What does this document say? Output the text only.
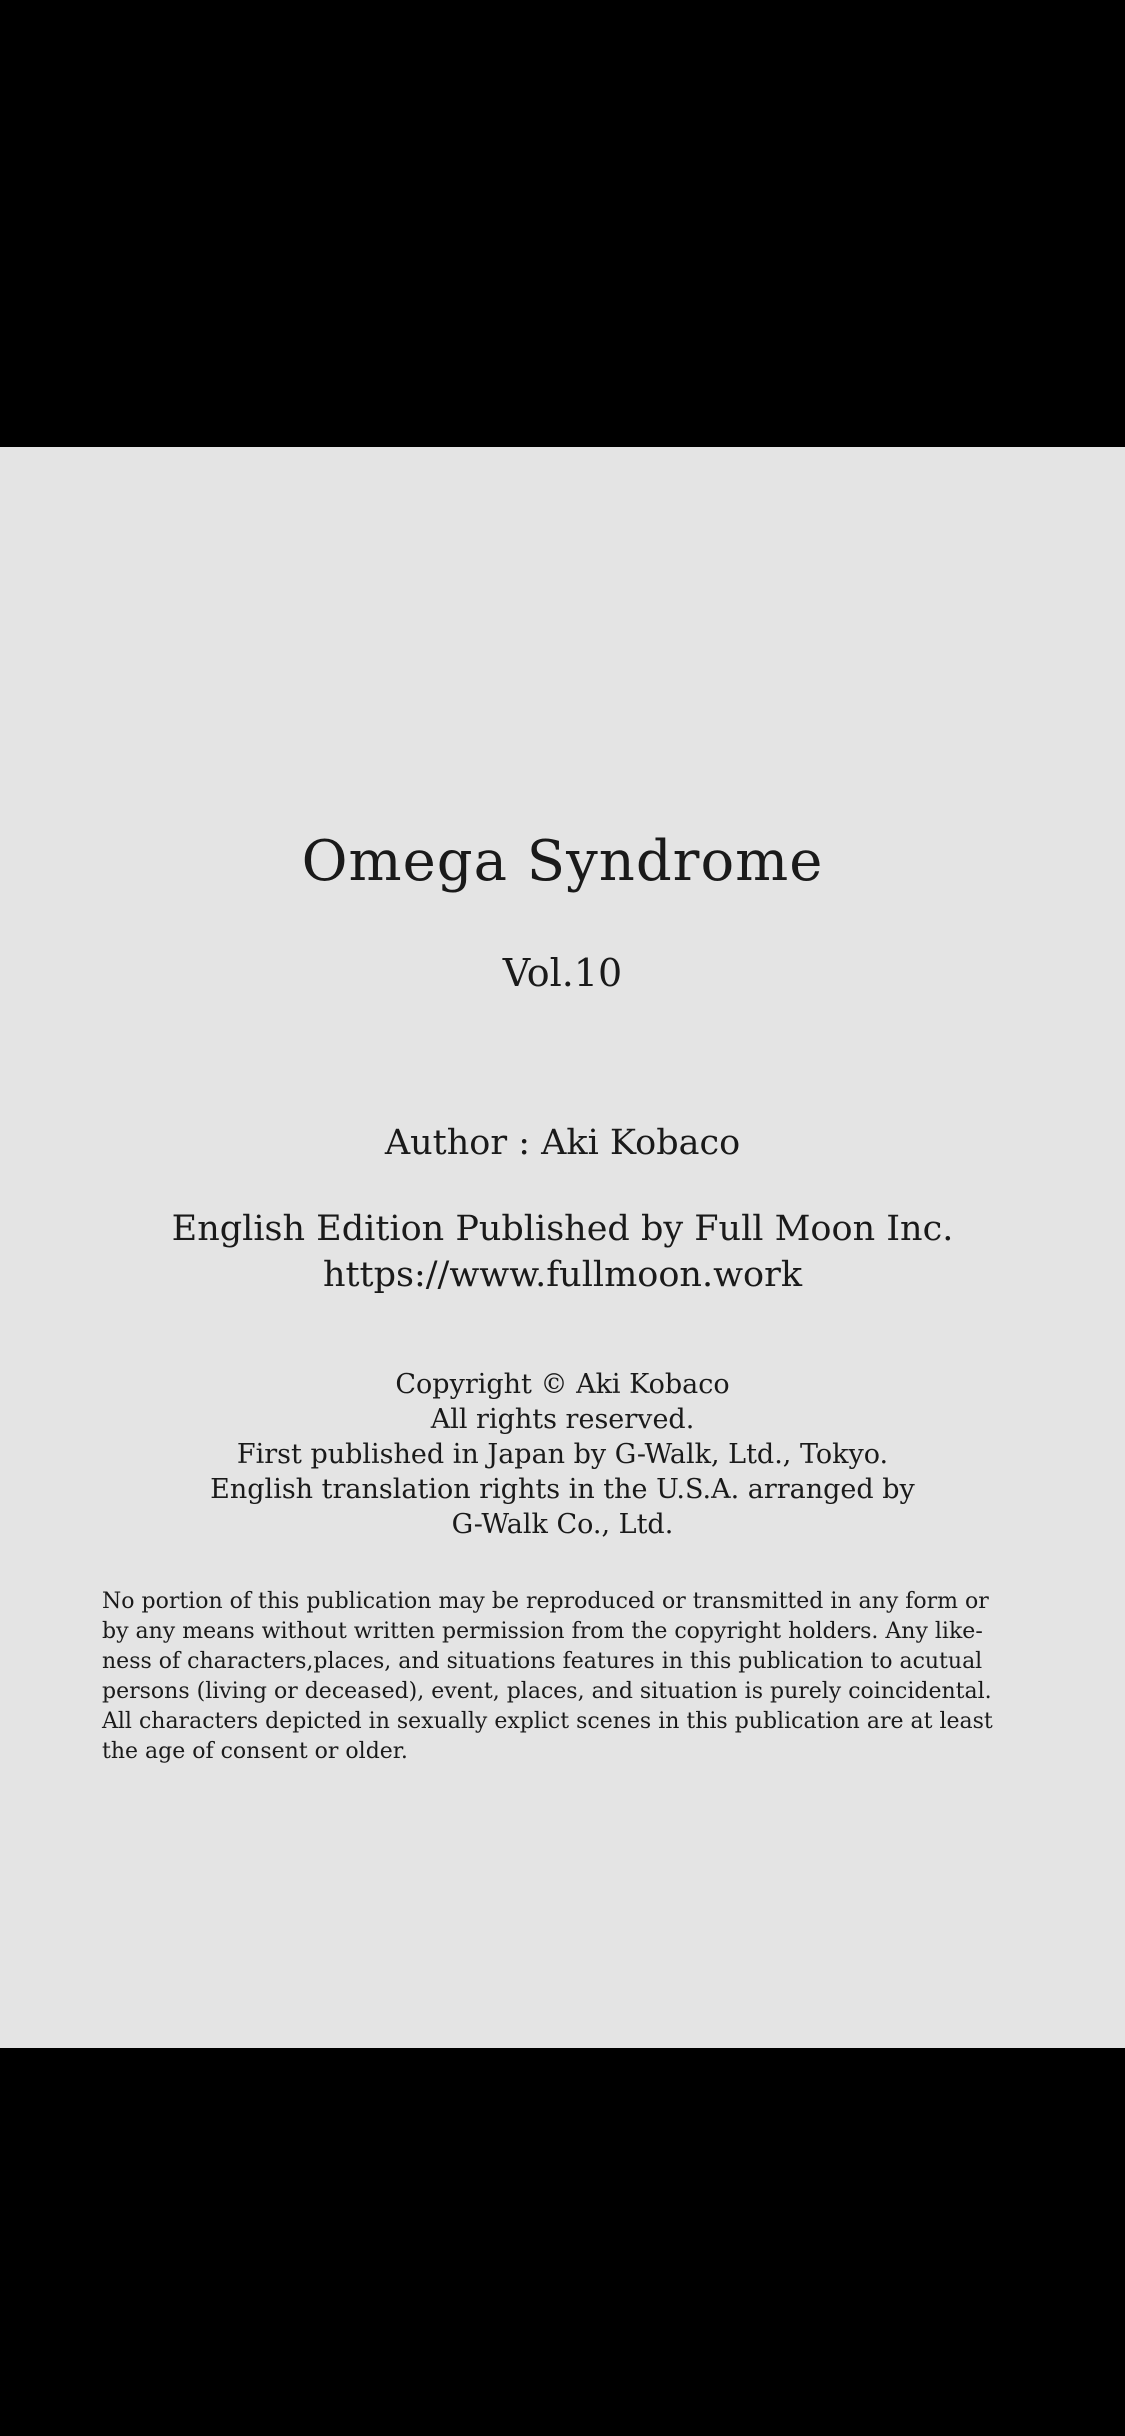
Omega Syndrome
Vol.10
Author : Aki Kobaco
English Edition Published by Full Moon Inc.
https://www.fullmoon.work
Copyright © Aki Kobaco
All rights reserved.
First published in Japan by G-Walk, Ltd., Tokyo.
English translation rights in the U.S.A. arranged by
G-Walk Co., Ltd.
No portion of this publication may be reproduced or transmitted in any form or
by any means without written permission from the copyright holders. Any like-
ness of characters,places, and situations features in this publication to acutual
persons (living or deceased), event, places, and situation is purely coincidental.
All characters depicted in sexually explict scenes in this publication are at least
the age of consent or older.
